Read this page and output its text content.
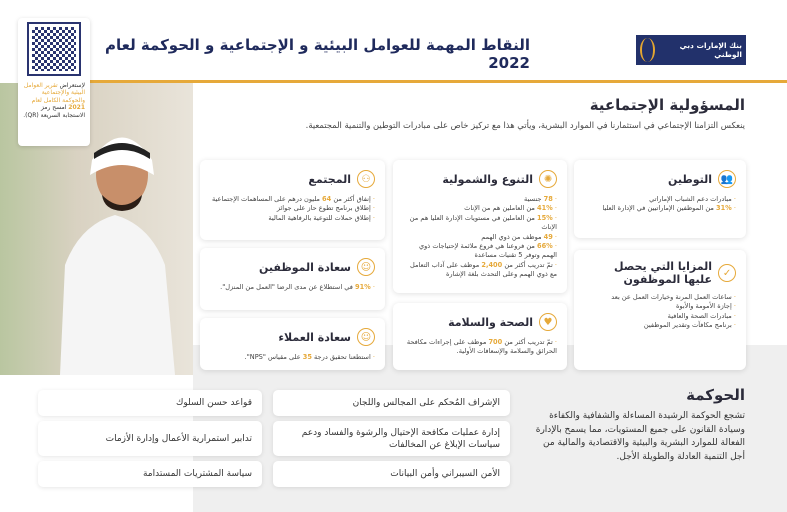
بنك الإمارات دبي الوطني
النقاط المهمة للعوامل البيئية و الإجتماعية و الحوكمة لعام 2022
لإستعراض تقرير العوامل البيئية والإجتماعية والحوكمة الكامل لعام 2021 امسح رمز الاستجابة السريعة (QR).
المسؤولية الإجتماعية
ينعكس التزامنا الإجتماعي في استثمارنا في الموارد البشرية، ويأتي هذا مع تركيز خاص على مبادرات التوطين والتنمية المجتمعية.
👥
التوطين
· مبادرات دعم الشباب الإماراتي
· 31% من الموظفين الإماراتيين في الإدارة العليا
✓
المزايا التي يحصل عليها الموظفون
· ساعات العمل المرنة وخيارات العمل عن بعد
· إجازة الأمومة والأبوة
· مبادرات الصحة والعافية
· برنامج مكافآت وتقدير الموظفين
✺
التنوع والشمولية
· 78 جنسية
· 41% من العاملين هم من الإناث
· 15% من العاملين في مستويات الإدارة العليا هم من الإناث
· 49 موظف من ذوي الهمم
· 66% من فروعنا هي فروع ملائمة لإحتياجات ذوي الهمم وتوفر 5 تقنيات مساعدة
· تمّ تدريب أكثر من 2,400 موظف على آداب التعامل مع ذوي الهمم وعلى التحدث بلغة الإشارة
♥
الصحة والسلامة
· تمّ تدريب أكثر من 700 موظف على إجراءات مكافحة الحرائق والسلامة والإسعافات الأولية.
⚇
المجتمع
· إنفاق أكثر من 64 مليون درهم على المساهمات الإجتماعية
· إطلاق برنامج تطوع حاز على جوائز
· إطلاق حملات للتوعية بالرفاهية المالية
☺
سعادة الموظفين
· 91% في استطلاع عن مدى الرضا "العمل من المنزل".
☺
سعادة العملاء
· استطعنا تحقيق درجة 35 على مقياس "NPS".
الحوكمة
تشجع الحوكمة الرشيدة المساءلة والشفافية والكفاءة وسيادة القانون على جميع المستويات، مما يسمح بالإدارة الفعالة للموارد البشرية والبيئية والاقتصادية والمالية من أجل التنمية العادلة والطويلة الأجل.
الإشراف المُحكم على المجالس واللجان
قواعد حسن السلوك
إدارة عمليات مكافحة الإحتيال والرشوة والفساد ودعم سياسات الإبلاغ عن المخالفات
تدابير استمرارية الأعمال وإدارة الأزمات
الأمن السيبراني وأمن البيانات
سياسة المشتريات المستدامة
